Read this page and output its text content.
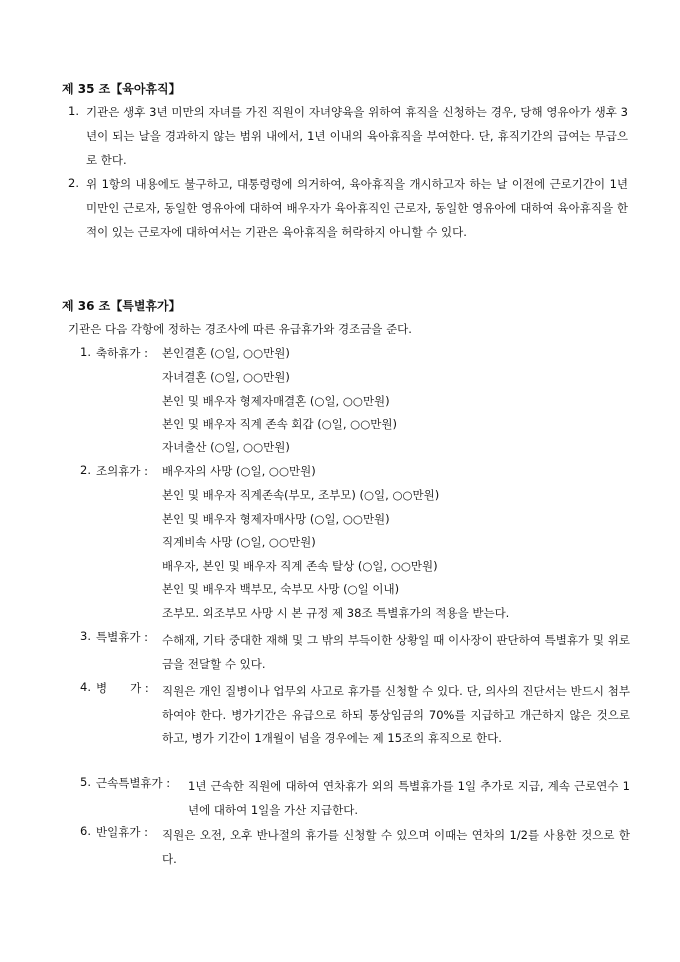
제 35 조【육아휴직】
1. 기관은 생후 3년 미만의 자녀를 가진 직원이 자녀양육을 위하여 휴직을 신청하는 경우, 당해 영유아가 생후 3년이 되는 날을 경과하지 않는 범위 내에서, 1년 이내의 육아휴직을 부여한다. 단, 휴직기간의 급여는 무급으로 한다.
2. 위 1항의 내용에도 불구하고, 대통령령에 의거하여, 육아휴직을 개시하고자 하는 날 이전에 근로기간이 1년 미만인 근로자, 동일한 영유아에 대하여 배우자가 육아휴직인 근로자, 동일한 영유아에 대하여 육아휴직을 한 적이 있는 근로자에 대하여서는 기관은 육아휴직을 허락하지 아니할 수 있다.
제 36 조【특별휴가】
기관은 다음 각항에 정하는 경조사에 따른 유급휴가와 경조금을 준다.
1. 축하휴가 : 본인결혼 (○일, ○○만원)
자녀결혼 (○일, ○○만원)
본인 및 배우자 형제자매결혼 (○일, ○○만원)
본인 및 배우자 직계 존속 회갑 (○일, ○○만원)
자녀출산 (○일, ○○만원)
2. 조의휴가 : 배우자의 사망 (○일, ○○만원)
본인 및 배우자 직계존속(부모, 조부모) (○일, ○○만원)
본인 및 배우자 형제자매사망 (○일, ○○만원)
직계비속 사망 (○일, ○○만원)
배우자, 본인 및 배우자 직계 존속 탈상 (○일, ○○만원)
본인 및 배우자 백부모, 숙부모 사망 (○일 이내)
조부모. 외조부모 사망 시 본 규정 제 38조 특별휴가의 적용을 받는다.
3. 특별휴가 : 수해재, 기타 중대한 재해 및 그 밖의 부득이한 상황일 때 이사장이 판단하여 특별휴가 및 위로금을 전달할 수 있다.
4. 병　　가 : 직원은 개인 질병이나 업무외 사고로 휴가를 신청할 수 있다. 단, 의사의 진단서는 반드시 첨부하여야 한다. 병가기간은 유급으로 하되 통상임금의 70%를 지급하고 개근하지 않은 것으로 하고, 병가 기간이 1개월이 넘을 경우에는 제 15조의 휴직으로 한다.
5. 근속특별휴가 : 1년 근속한 직원에 대하여 연차휴가 외의 특별휴가를 1일 추가로 지급, 계속 근로연수 1년에 대하여 1일을 가산 지급한다.
6. 반일휴가 : 직원은 오전, 오후 반나절의 휴가를 신청할 수 있으며 이때는 연차의 1/2를 사용한 것으로 한다.
